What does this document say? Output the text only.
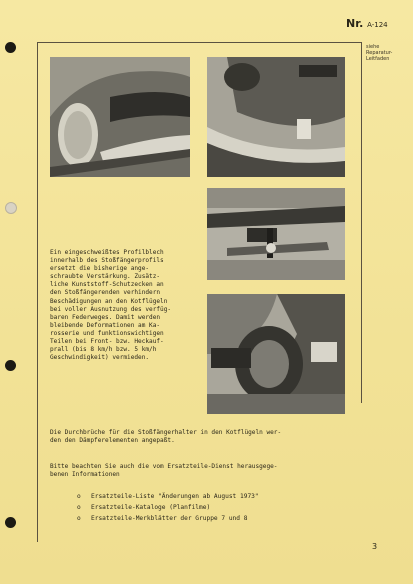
Nr. A-124
siehe
Reparatur-
Leitfaden
Ein eingeschweißtes Profilblech
innerhalb des Stoßfängerprofils
ersetzt die bisherige ange-
schraubte Verstärkung. Zusätz-
liche Kunststoff-Schutzecken an
den Stoßfängerenden verhindern
Beschädigungen an den Kotflügeln
bei voller Ausnutzung des verfüg-
baren Federweges. Damit werden
bleibende Deformationen am Ka-
rosserie und funktionswichtigen
Teilen bei Front- bzw. Heckauf-
prall (bis 8 km/h bzw. 5 km/h
Geschwindigkeit) vermieden.
Die Durchbrüche für die Stoßfängerhalter in den Kotflügeln wer-
den den Dämpferelementen angepaßt.
Bitte beachten Sie auch die vom Ersatzteile-Dienst herausgege-
benen Informationen
o Ersatzteile-Liste "Änderungen ab August 1973"
o Ersatzteile-Kataloge (Planfilme)
o Ersatzteile-Merkblätter der Gruppe 7 und 8
3
